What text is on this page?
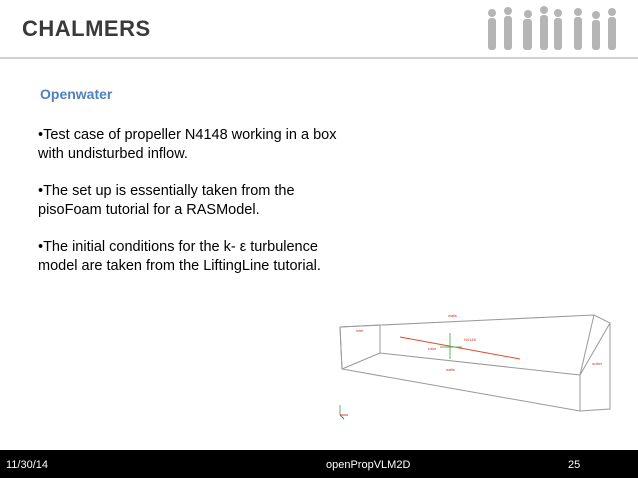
CHALMERS
Openwater
•Test case of propeller N4148 working in a box with undisturbed inflow.
•The set up is essentially taken from the pisoFoam tutorial for a RASModel.
•The initial conditions for the k- ε turbulence model are taken from the LiftingLine tutorial.
walls
inlet
outlet
N4148
rotor
walls
11/30/14	openPropVLM2D	25
